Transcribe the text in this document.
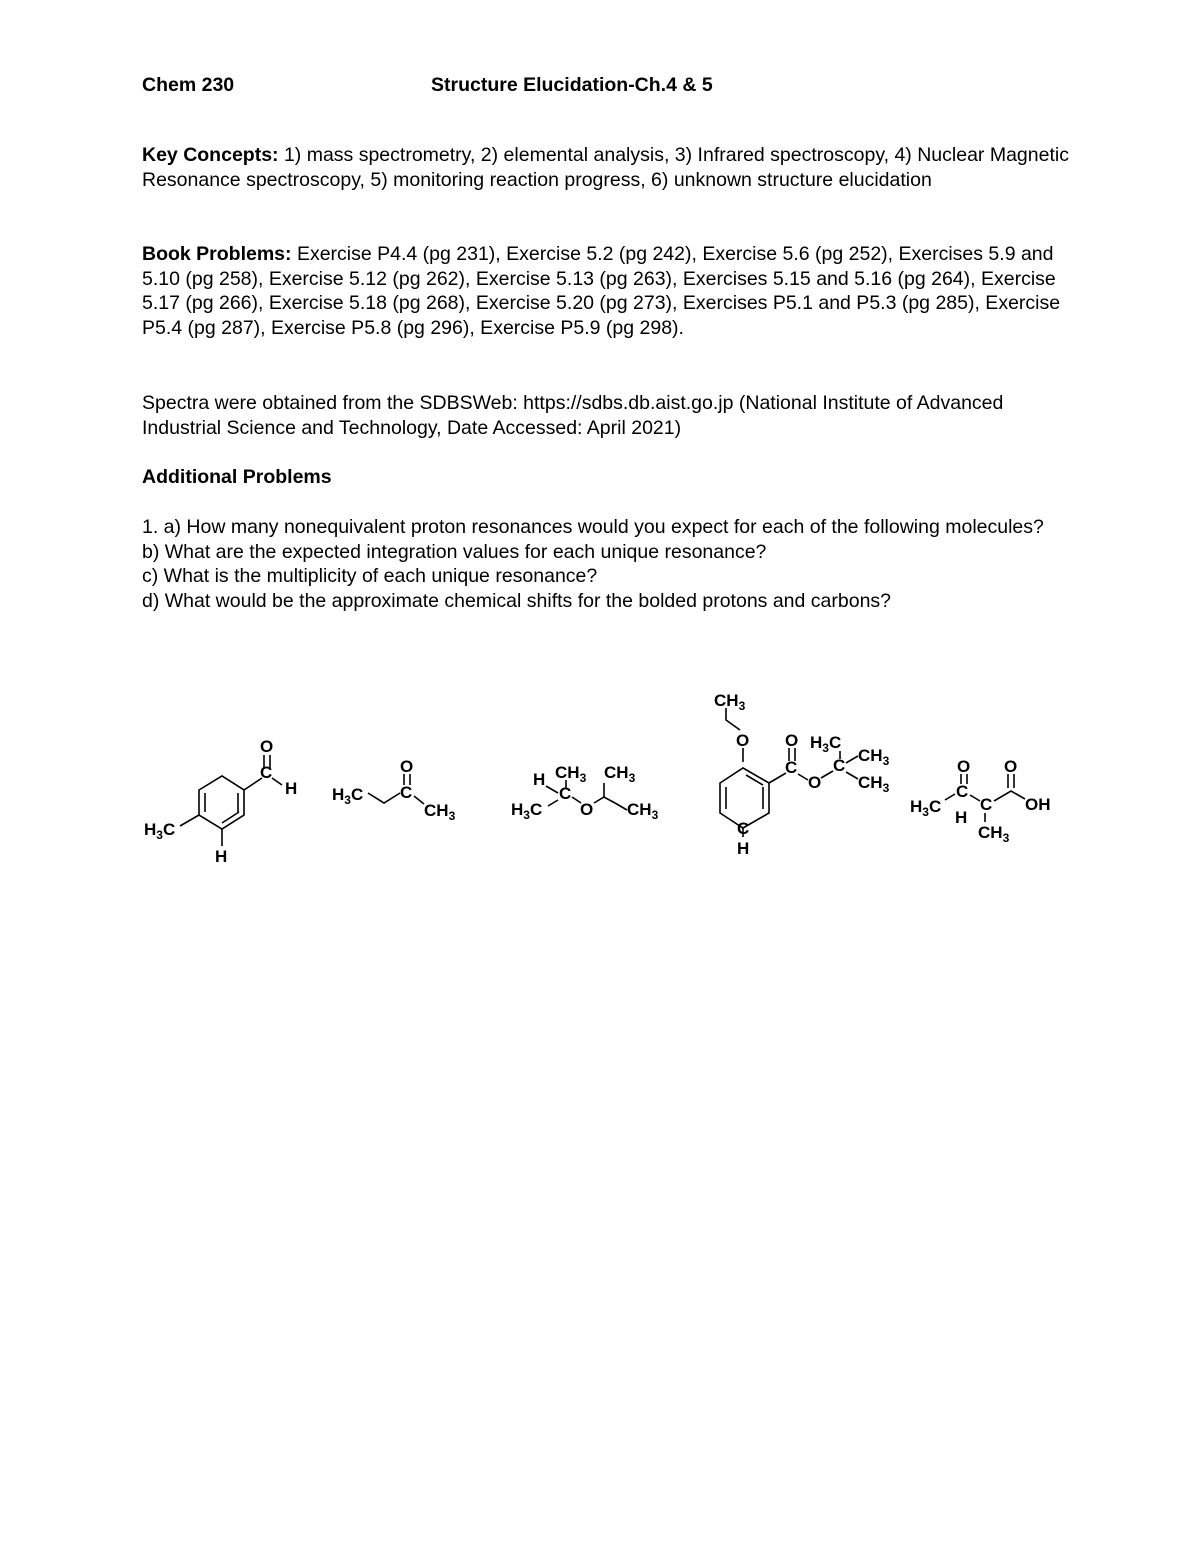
Chem 230	Structure Elucidation-Ch.4 & 5
Key Concepts: 1) mass spectrometry, 2) elemental analysis, 3) Infrared spectroscopy, 4) Nuclear Magnetic Resonance spectroscopy, 5) monitoring reaction progress, 6) unknown structure elucidation
Book Problems: Exercise P4.4 (pg 231), Exercise 5.2 (pg 242), Exercise 5.6 (pg 252), Exercises 5.9 and 5.10 (pg 258), Exercise 5.12 (pg 262), Exercise 5.13 (pg 263), Exercises 5.15 and 5.16 (pg 264), Exercise 5.17 (pg 266), Exercise 5.18 (pg 268), Exercise 5.20 (pg 273), Exercises P5.1 and P5.3 (pg 285), Exercise P5.4 (pg 287), Exercise P5.8 (pg 296), Exercise P5.9 (pg 298).
Spectra were obtained from the SDBSWeb: https://sdbs.db.aist.go.jp (National Institute of Advanced Industrial Science and Technology, Date Accessed: April 2021)
Additional Problems
1. a) How many nonequivalent proton resonances would you expect for each of the following molecules?
b) What are the expected integration values for each unique resonance?
c) What is the multiplicity of each unique resonance?
d) What would be the approximate chemical shifts for the bolded protons and carbons?
O
C
H
$H_3C$
H
O
C
$H_3C$
$CH_3$
H $CH_3$ $CH_3$
C
$H_3C$ O $CH_3$
$CH_3$
O O
C
O
C
$H_3C$
$CH_3$
$CH_3$
C
H
O O
C
C
$H_3C$
H
OH
$CH_3$
